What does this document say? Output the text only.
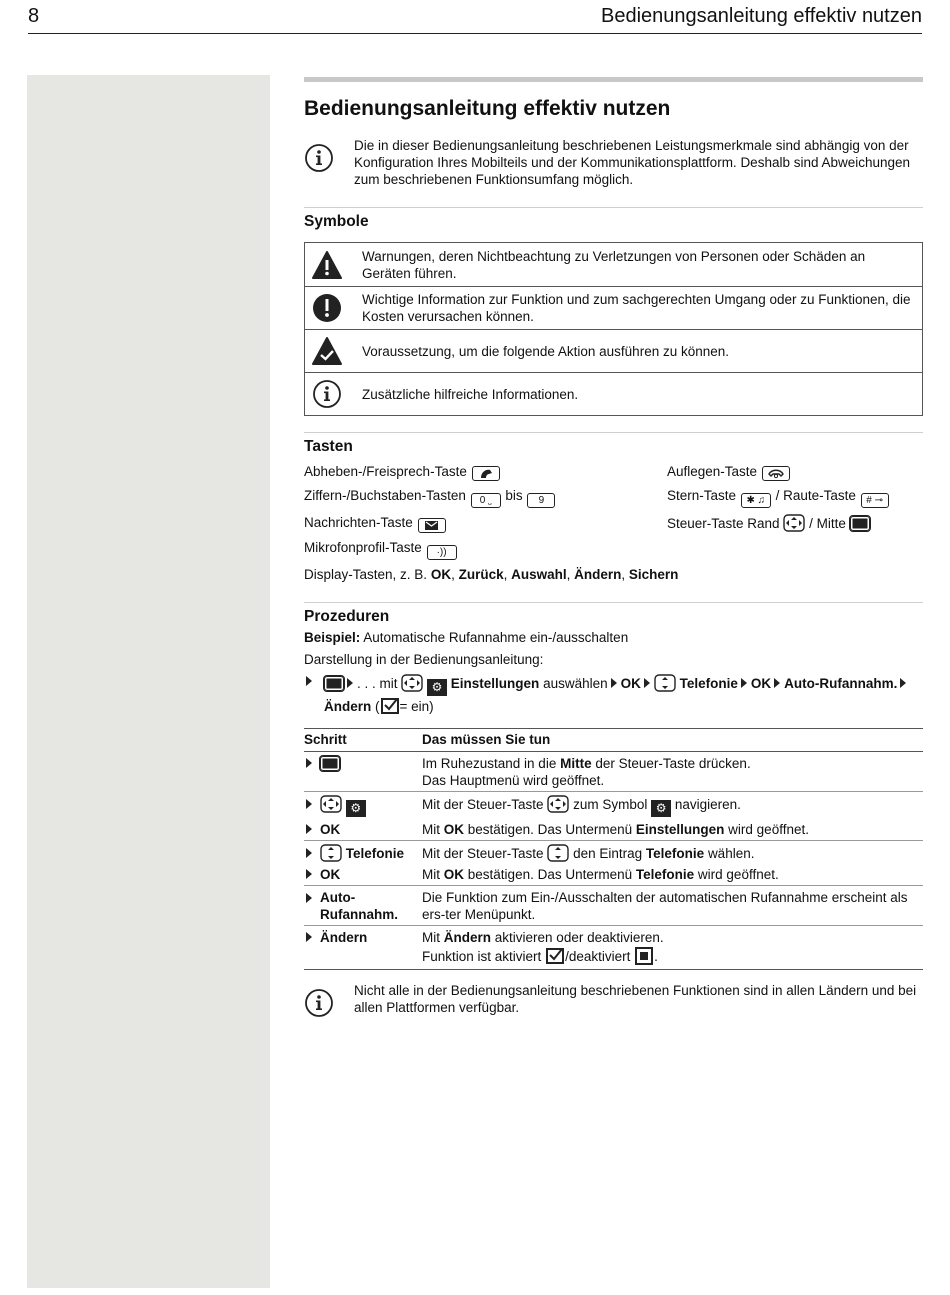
8	Bedienungsanleitung effektiv nutzen
Bedienungsanleitung effektiv nutzen
Die in dieser Bedienungsanleitung beschriebenen Leistungsmerkmale sind abhängig von der Konfiguration Ihres Mobilteils und der Kommunikationsplattform. Deshalb sind Abweichungen zum beschriebenen Funktionsumfang möglich.
Symbole
Warnungen, deren Nichtbeachtung zu Verletzungen von Personen oder Schäden an Geräten führen.
Wichtige Information zur Funktion und zum sachgerechten Umgang oder zu Funktionen, die Kosten verursachen können.
Voraussetzung, um die folgende Aktion ausführen zu können.
Zusätzliche hilfreiche Informationen.
Tasten
Abheben-/Freisprech-Taste	Auflegen-Taste
Ziffern-/Buchstaben-Tasten 0 ⎵ bis 9	Stern-Taste ✱ ♫ / Raute-Taste # ⊸
Nachrichten-Taste	Steuer-Taste Rand / Mitte
Mikrofonprofil-Taste ·))
Display-Tasten, z. B. OK, Zurück, Auswahl, Ändern, Sichern
Prozeduren
Beispiel: Automatische Rufannahme ein-/ausschalten
Darstellung in der Bedienungsanleitung:
. . . mit	⚙ Einstellungen auswählen OK	Telefonie OK Auto-Rufannahm.
Ändern ( = ein)
Schritt	Das müssen Sie tun
	Im Ruhezustand in die Mitte der Steuer-Taste drücken.
Das Hauptmenü wird geöffnet.
⚙	Mit der Steuer-Taste zum Symbol ⚙ navigieren.
OK	Mit OK bestätigen. Das Untermenü Einstellungen wird geöffnet.
Telefonie	Mit der Steuer-Taste den Eintrag Telefonie wählen.
OK	Mit OK bestätigen. Das Untermenü Telefonie wird geöffnet.

Auto-
Rufannahm.	Die Funktion zum Ein-/Ausschalten der automatischen Rufannahme erscheint als ers-ter Menüpunkt.
Ändern	Mit Ändern aktivieren oder deaktivieren.
Funktion ist aktiviert /deaktiviert .
Nicht alle in der Bedienungsanleitung beschriebenen Funktionen sind in allen Ländern und bei allen Plattformen verfügbar.
